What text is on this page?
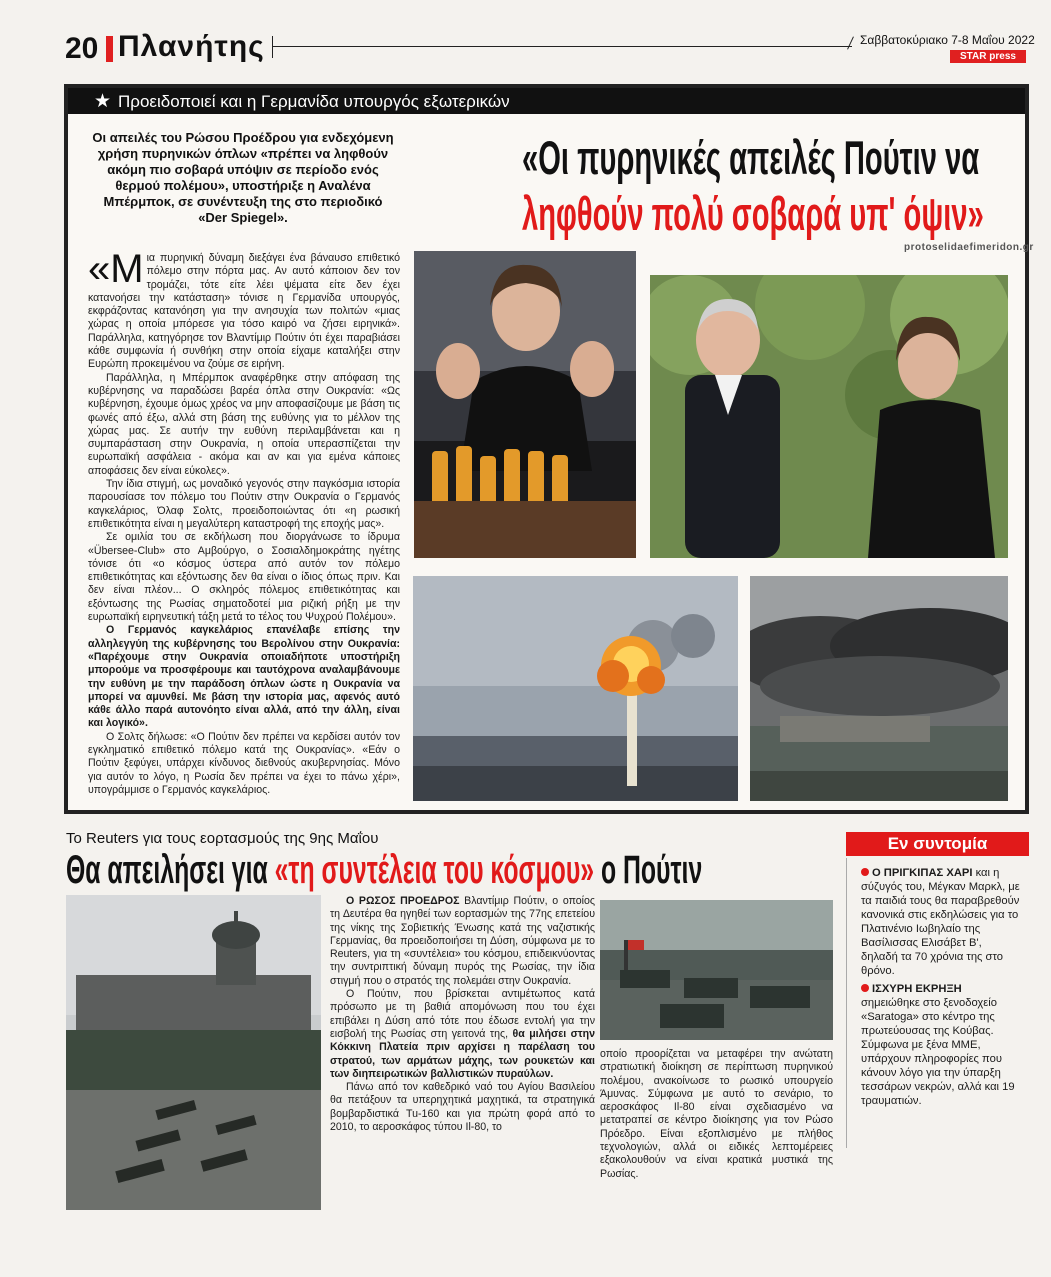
20 Πλανήτης	Σαββατοκύριακο 7-8 Μαΐου 2022
STAR press
★ Προειδοποιεί και η Γερμανίδα υπουργός εξωτερικών
Οι απειλές του Ρώσου Προέδρου για ενδεχόμενη χρήση πυρηνικών όπλων «πρέπει να ληφθούν ακόμη πιο σοβαρά υπόψιν σε περίοδο ενός θερμού πολέμου», υποστήριξε η Αναλένα Μπέρμποκ, σε συνέντευξη της στο περιοδικό «Der Spiegel».
«Οι πυρηνικές απειλές Πούτιν να
ληφθούν πολύ σοβαρά υπ' όψιν»
protoselidaefimeridon.gr

«Μ ια πυρηνική δύναμη διεξάγει ένα βάναυσο επιθετικό πόλεμο στην πόρτα μας. Αν αυτό κάποιον δεν τον τρομάζει, τότε είτε λέει ψέματα είτε δεν έχει κατανοήσει την κατάσταση» τόνισε η Γερμανίδα υπουργός, εκφράζοντας κατανόηση για την ανησυχία των πολιτών «μιας χώρας η οποία μπόρεσε για τόσο καιρό να ζήσει ειρηνικά». Παράλληλα, κατηγόρησε τον Βλαντίμιρ Πούτιν ότι έχει παραβιάσει κάθε συμφωνία ή συνθήκη στην οποία είχαμε καταλήξει στην Ευρώπη προκειμένου να ζούμε σε ειρήνη.

Παράλληλα, η Μπέρμποκ αναφέρθηκε στην απόφαση της κυβέρνησης να παραδώσει βαρέα όπλα στην Ουκρανία: «Ως κυβέρνηση, έχουμε όμως χρέος να μην αποφασίζουμε με βάση τις φωνές από έξω, αλλά στη βάση της ευθύνης για το μέλλον της χώρας μας. Σε αυτήν την ευθύνη περιλαμβάνεται και η συμπαράσταση στην Ουκρανία, η οποία υπερασπίζεται την ευρωπαϊκή ασφάλεια - ακόμα και αν και για εμένα κάποιες αποφάσεις δεν είναι εύκολες».

Την ίδια στιγμή, ως μοναδικό γεγονός στην παγκόσμια ιστορία παρουσίασε τον πόλεμο του Πούτιν στην Ουκρανία ο Γερμανός καγκελάριος, Όλαφ Σολτς, προειδοποιώντας ότι «η ρωσική επιθετικότητα είναι η μεγαλύτερη καταστροφή της εποχής μας».

Σε ομιλία του σε εκδήλωση που διοργάνωσε το ίδρυμα «Übersee-Club» στο Αμβούργο, ο Σοσιαλδημοκράτης ηγέτης τόνισε ότι «ο κόσμος ύστερα από αυτόν τον πόλεμο επιθετικότητας και εξόντωσης δεν θα είναι ο ίδιος όπως πριν. Και δεν είναι πλέον... Ο σκληρός πόλεμος επιθετικότητας και εξόντωσης της Ρωσίας σηματοδοτεί μια ριζική ρήξη με την ευρωπαϊκή ειρηνευτική τάξη μετά το τέλος του Ψυχρού Πολέμου».

Ο Γερμανός καγκελάριος επανέλαβε επίσης την αλληλεγγύη της κυβέρνησης του Βερολίνου στην Ουκρανία: «Παρέχουμε στην Ουκρανία οποιαδήποτε υποστήριξη μπορούμε να προσφέρουμε και ταυτόχρονα αναλαμβάνουμε την ευθύνη με την παράδοση όπλων ώστε η Ουκρανία να μπορεί να αμυνθεί. Με βάση την ιστορία μας, αφενός αυτό κάθε άλλο παρά αυτονόητο είναι αλλά, από την άλλη, είναι και λογικό».

Ο Σολτς δήλωσε: «Ο Πούτιν δεν πρέπει να κερδίσει αυτόν τον εγκληματικό επιθετικό πόλεμο κατά της Ουκρανίας». «Εάν ο Πούτιν ξεφύγει, υπάρχει κίνδυνος διεθνούς ακυβερνησίας. Μόνο για αυτόν το λόγο, η Ρωσία δεν πρέπει να έχει το πάνω χέρι», υπογράμμισε ο Γερμανός καγκελάριος.

Το Reuters για τους εορτασμούς της 9ης Μαΐου
Θα απειλήσει για «τη συντέλεια του κόσμου» ο Πούτιν

Ο ΡΩΣΟΣ ΠΡΟΕΔΡΟΣ Βλαντίμιρ Πούτιν, ο οποίος τη Δευτέρα θα ηγηθεί των εορτασμών της 77ης επετείου της νίκης της Σοβιετικής Ένωσης κατά της ναζιστικής Γερμανίας, θα προειδοποιήσει τη Δύση, σύμφωνα με το Reuters, για τη «συντέλεια» του κόσμου, επιδεικνύοντας την συντριπτική δύναμη πυρός της Ρωσίας, την ίδια στιγμή που ο στρατός της πολεμάει στην Ουκρανία.

Ο Πούτιν, που βρίσκεται αντιμέτωπος κατά πρόσωπο με τη βαθιά απομόνωση που του έχει επιβάλει η Δύση από τότε που έδωσε εντολή για την εισβολή της Ρωσίας στη γειτονά της, θα μιλήσει στην Κόκκινη Πλατεία πριν αρχίσει η παρέλαση του στρατού, των αρμάτων μάχης, των ρουκετών και των διηπειρωτικών βαλλιστικών πυραύλων.

Πάνω από τον καθεδρικό ναό του Αγίου Βασιλείου θα πετάξουν τα υπερηχητικά μαχητικά, τα στρατηγικά βομβαρδιστικά Tu-160 και για πρώτη φορά από το 2010, το αεροσκάφος τύπου Il-80, το

οποίο προορίζεται να μεταφέρει την ανώτατη στρατιωτική διοίκηση σε περίπτωση πυρηνικού πολέμου, ανακοίνωσε το ρωσικό υπουργείο Άμυνας. Σύμφωνα με αυτό το σενάριο, το αεροσκάφος Il-80 είναι σχεδιασμένο να μετατραπεί σε κέντρο διοίκησης για τον Ρώσο Πρόεδρο. Είναι εξοπλισμένο με πλήθος τεχνολογιών, αλλά οι ειδικές λεπτομέρειες εξακολουθούν να είναι κρατικά μυστικά της Ρωσίας.
Εν συντομία

Ο ΠΡΙΓΚΙΠΑΣ ΧΑΡΙ και η σύζυγός του, Μέγκαν Μαρκλ, με τα παιδιά τους θα παραβρεθούν κανονικά στις εκδηλώσεις για το Πλατινένιο Ιωβηλαίο της Βασίλισσας Ελισάβετ Β', δηλαδή τα 70 χρόνια της στο θρόνο.

ΙΣΧΥΡΗ ΕΚΡΗΞΗ σημειώθηκε στο ξενοδοχείο «Saratoga» στο κέντρο της πρωτεύουσας της Κούβας. Σύμφωνα με ξένα ΜΜΕ, υπάρχουν πληροφορίες που κάνουν λόγο για την ύπαρξη τεσσάρων νεκρών, αλλά και 19 τραυματιών.
